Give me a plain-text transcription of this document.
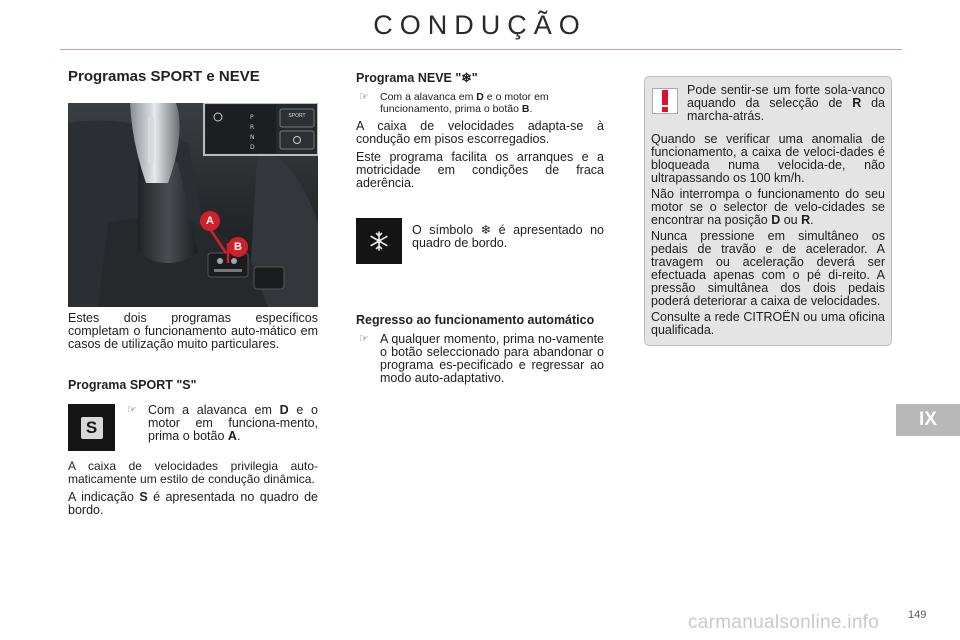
CONDUÇÃO
Programas SPORT e NEVE
P
R
N
D
A
B
SPORT

Estes dois programas específicos completam o funcionamento auto-mático em casos de utilização muito particulares.

Programa SPORT "S"
S
☞ Com a alavanca em D e o motor em funciona-mento, prima o botão A.

A caixa de velocidades privilegia auto-maticamente um estilo de condução dinâmica.

A indicação S é apresentada no quadro de bordo.

Programa NEVE "❄"
☞ Com a alavanca em D e o motor em funcionamento, prima o botão B.

A caixa de velocidades adapta-se à condução em pisos escorregadios.

Este programa facilita os arranques e a motricidade em condições de fraca aderência.

O símbolo ❄ é apresentado no quadro de bordo.

Regresso ao funcionamento automático
☞ A qualquer momento, prima no-vamente o botão seleccionado para abandonar o programa es-pecificado e regressar ao modo auto-adaptativo.

Pode sentir-se um forte sola-vanco aquando da selecção de R da marcha-atrás.

Quando se verificar uma anomalia de funcionamento, a caixa de veloci-dades é bloqueada numa velocida-de, não ultrapassando os 100 km/h.

Não interrompa o funcionamento do seu motor se o selector de velo-cidades se encontrar na posição D ou R.

Nunca pressione em simultâneo os pedais de travão e de acelerador. A travagem ou aceleração deverá ser efectuada apenas com o pé di-reito. A pressão simultânea dos dois pedais poderá deteriorar a caixa de velocidades.

Consulte a rede CITROËN ou uma oficina qualificada.

IX
carmanualsonline.info	149
